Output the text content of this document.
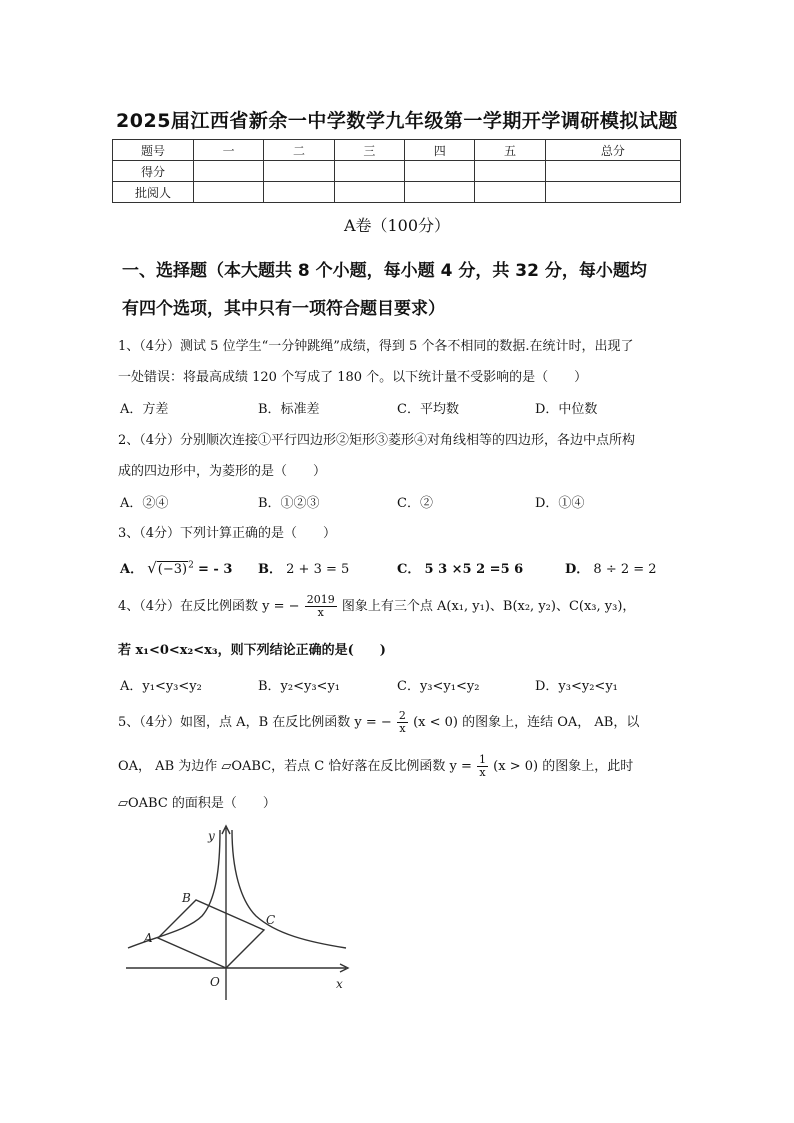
2025届江西省新余一中学数学九年级第一学期开学调研模拟试题
题号	一	二	三	四	五	总分
得分						
批阅人						
A卷（100分）
一、选择题（本大题共 8 个小题，每小题 4 分，共 32 分，每小题均
有四个选项，其中只有一项符合题目要求）
1、（4分）测试 5 位学生“一分钟跳绳”成绩，得到 5 个各不相同的数据.在统计时，出现了
一处错误：将最高成绩 120 个写成了 180 个。以下统计量不受影响的是（　　）
A．方差	B．标准差	C．平均数	D．中位数
2、（4分）分别顺次连接①平行四边形②矩形③菱形④对角线相等的四边形，各边中点所构
成的四边形中，为菱形的是（　　）
A．②④	B．①②③	C．②	D．①④
3、（4分）下列计算正确的是（　　）
A． $√(-3)^2$ = - 3 B． 2 + 3 = 5	C． 5 3 ×5 2 =5 6	D． 8 ÷ 2 = 2
4、（4分）在反比例函数 y = − $\frac{2019}{x}$ 图象上有三个点 A(x₁, y₁)、B(x₂, y₂)、C(x₃, y₃)，
若 x₁<0<x₂<x₃，则下列结论正确的是(　　)
A．y₁<y₃<y₂	B．y₂<y₃<y₁	C．y₃<y₁<y₂	D．y₃<y₂<y₁
5、（4分）如图，点 A，B 在反比例函数 y = − $\frac{2}{x} (x < 0)$ 的图象上，连结 OA， AB，以
OA， AB 为边作 ▱OABC，若点 C 恰好落在反比例函数 $y = \frac{1}{x} (x > 0)$ 的图象上，此时
▱OABC 的面积是（　　）
y
x
O
A
B
C
